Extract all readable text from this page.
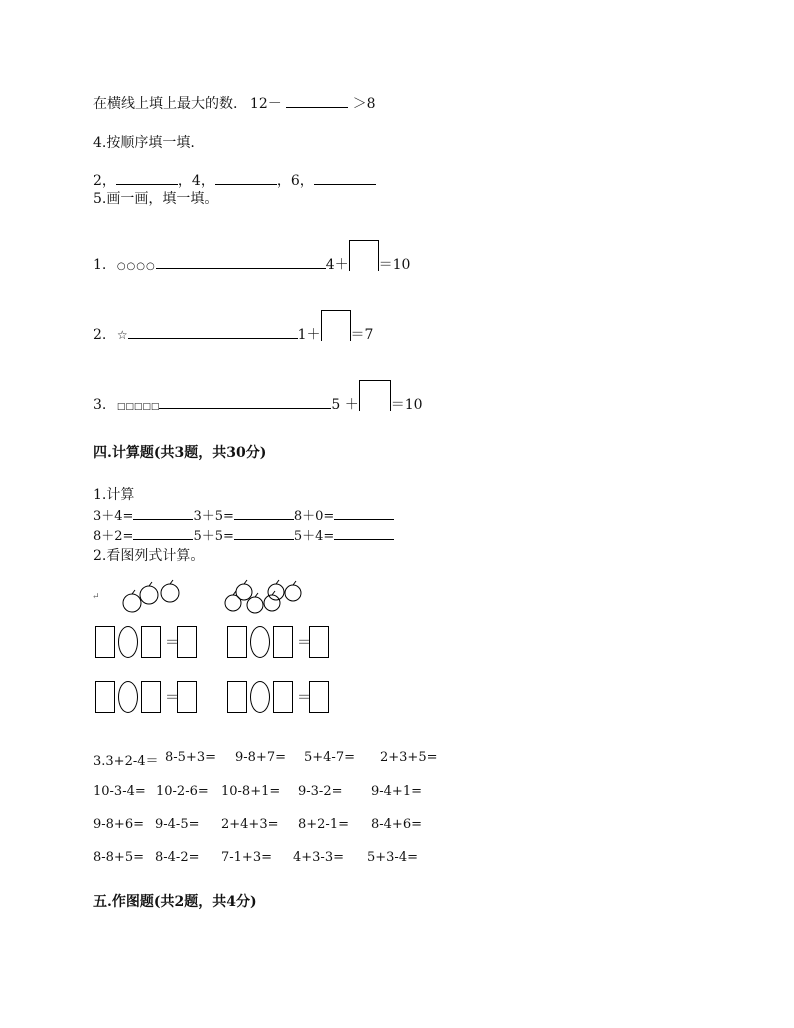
在横线上填上最大的数. 12－	＞8
4.按顺序填一填.
2，	，4，	，6，
5.画一画，填一填。
1. ○○○○	4＋ ＝10
2. ☆	1＋ ＝7
3. □□□□□	5 ＋ ＝10
四.计算题(共3题，共30分)
1.计算
3＋4=	3＋5=	8＋0=
8＋2=	5＋5=	5＋4=
2.看图列式计算。
↵
＝	＝
＝	＝
3.3+2-4＝ 8-5+3= 9-8+7= 5+4-7= 2+3+5=
10-3-4= 10-2-6= 10-8+1= 9-3-2= 9-4+1=
9-8+6= 9-4-5= 2+4+3= 8+2-1= 8-4+6=
8-8+5= 8-4-2= 7-1+3= 4+3-3= 5+3-4=
五.作图题(共2题，共4分)
